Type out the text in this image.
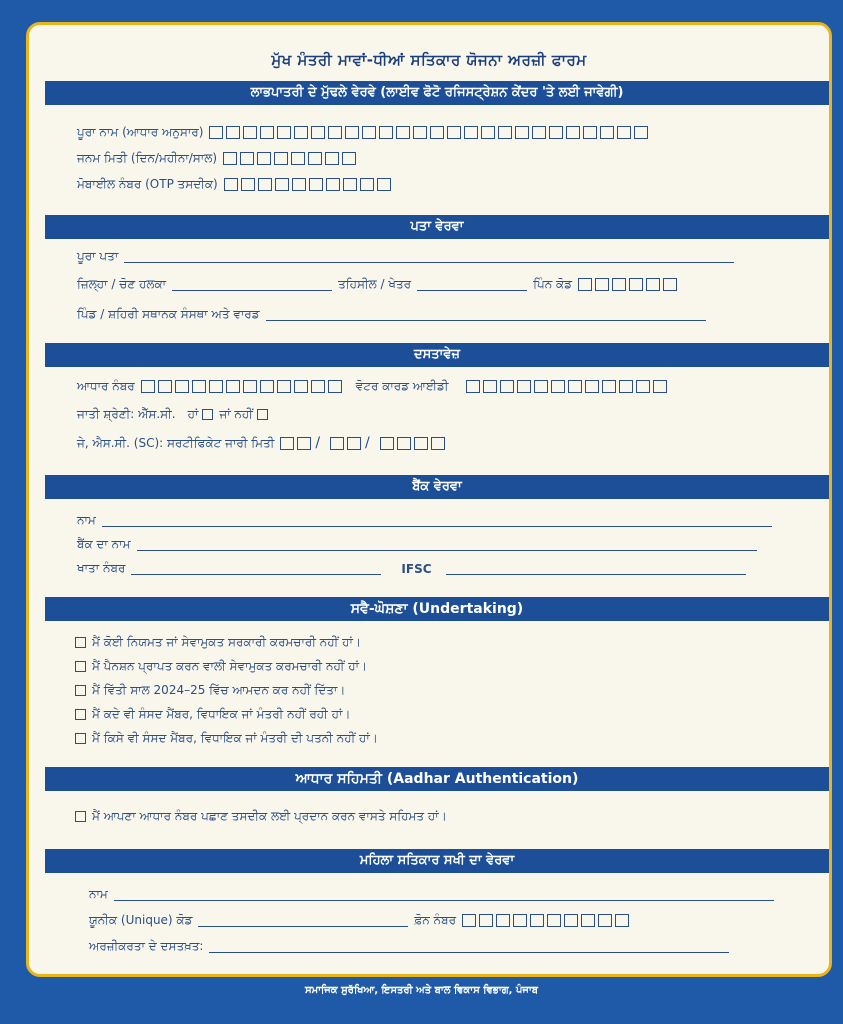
ਮੁੱਖ ਮੰਤਰੀ ਮਾਵਾਂ-ਧੀਆਂ ਸਤਿਕਾਰ ਯੋਜਨਾ ਅਰਜ਼ੀ ਫਾਰਮ
ਲਾਭਪਾਤਰੀ ਦੇ ਮੁੱਢਲੇ ਵੇਰਵੇ (ਲਾਈਵ ਫੋਟੋ ਰਜਿਸਟ੍ਰੇਸ਼ਨ ਕੇਂਦਰ 'ਤੇ ਲਈ ਜਾਵੇਗੀ)
ਪੂਰਾ ਨਾਮ (ਆਧਾਰ ਅਨੁਸਾਰ)
ਜਨਮ ਮਿਤੀ (ਦਿਨ/ਮਹੀਨਾ/ਸਾਲ)
ਮੋਬਾਈਲ ਨੰਬਰ (OTP ਤਸਦੀਕ)
ਪਤਾ ਵੇਰਵਾ
ਪੂਰਾ ਪਤਾ
ਜ਼ਿਲ੍ਹਾ / ਚੋਣ ਹਲਕਾ	ਤਹਿਸੀਲ / ਖੇਤਰ	ਪਿੰਨ ਕੋਡ
ਪਿੰਡ / ਸ਼ਹਿਰੀ ਸਥਾਨਕ ਸੰਸਥਾ ਅਤੇ ਵਾਰਡ
ਦਸਤਾਵੇਜ਼
ਆਧਾਰ ਨੰਬਰ	ਵੋਟਰ ਕਾਰਡ ਆਈਡੀ
ਜਾਤੀ ਸ਼੍ਰੇਣੀ: ਐੱਸ.ਸੀ. ਹਾਂ ਜਾਂ ਨਹੀਂ
ਜੇ, ਐਸ.ਸੀ. (SC): ਸਰਟੀਫਿਕੇਟ ਜਾਰੀ ਮਿਤੀ	/	/
ਬੈਂਕ ਵੇਰਵਾ
ਨਾਮ
ਬੈਂਕ ਦਾ ਨਾਮ
ਖਾਤਾ ਨੰਬਰ	IFSC
ਸਵੈ-ਘੋਸ਼ਣਾ (Undertaking)
ਮੈਂ ਕੋਈ ਨਿਯਮਤ ਜਾਂ ਸੇਵਾਮੁਕਤ ਸਰਕਾਰੀ ਕਰਮਚਾਰੀ ਨਹੀਂ ਹਾਂ।
ਮੈਂ ਪੈਨਸ਼ਨ ਪ੍ਰਾਪਤ ਕਰਨ ਵਾਲੀ ਸੇਵਾਮੁਕਤ ਕਰਮਚਾਰੀ ਨਹੀਂ ਹਾਂ।
ਮੈਂ ਵਿੱਤੀ ਸਾਲ 2024–25 ਵਿੱਚ ਆਮਦਨ ਕਰ ਨਹੀਂ ਦਿੱਤਾ।
ਮੈਂ ਕਦੇ ਵੀ ਸੰਸਦ ਮੈਂਬਰ, ਵਿਧਾਇਕ ਜਾਂ ਮੰਤਰੀ ਨਹੀਂ ਰਹੀ ਹਾਂ।
ਮੈਂ ਕਿਸੇ ਵੀ ਸੰਸਦ ਮੈਂਬਰ, ਵਿਧਾਇਕ ਜਾਂ ਮੰਤਰੀ ਦੀ ਪਤਨੀ ਨਹੀਂ ਹਾਂ।
ਆਧਾਰ ਸਹਿਮਤੀ (Aadhar Authentication)
ਮੈਂ ਆਪਣਾ ਆਧਾਰ ਨੰਬਰ ਪਛਾਣ ਤਸਦੀਕ ਲਈ ਪ੍ਰਦਾਨ ਕਰਨ ਵਾਸਤੇ ਸਹਿਮਤ ਹਾਂ।
ਮਹਿਲਾ ਸਤਿਕਾਰ ਸਖੀ ਦਾ ਵੇਰਵਾ
ਨਾਮ
ਯੂਨੀਕ (Unique) ਕੋਡ	ਫ਼ੋਨ ਨੰਬਰ
ਅਰਜ਼ੀਕਰਤਾ ਦੇ ਦਸਤਖ਼ਤ:
ਸਮਾਜਿਕ ਸੁਰੱਖਿਆ, ਇਸਤਰੀ ਅਤੇ ਬਾਲ ਵਿਕਾਸ ਵਿਭਾਗ, ਪੰਜਾਬ
